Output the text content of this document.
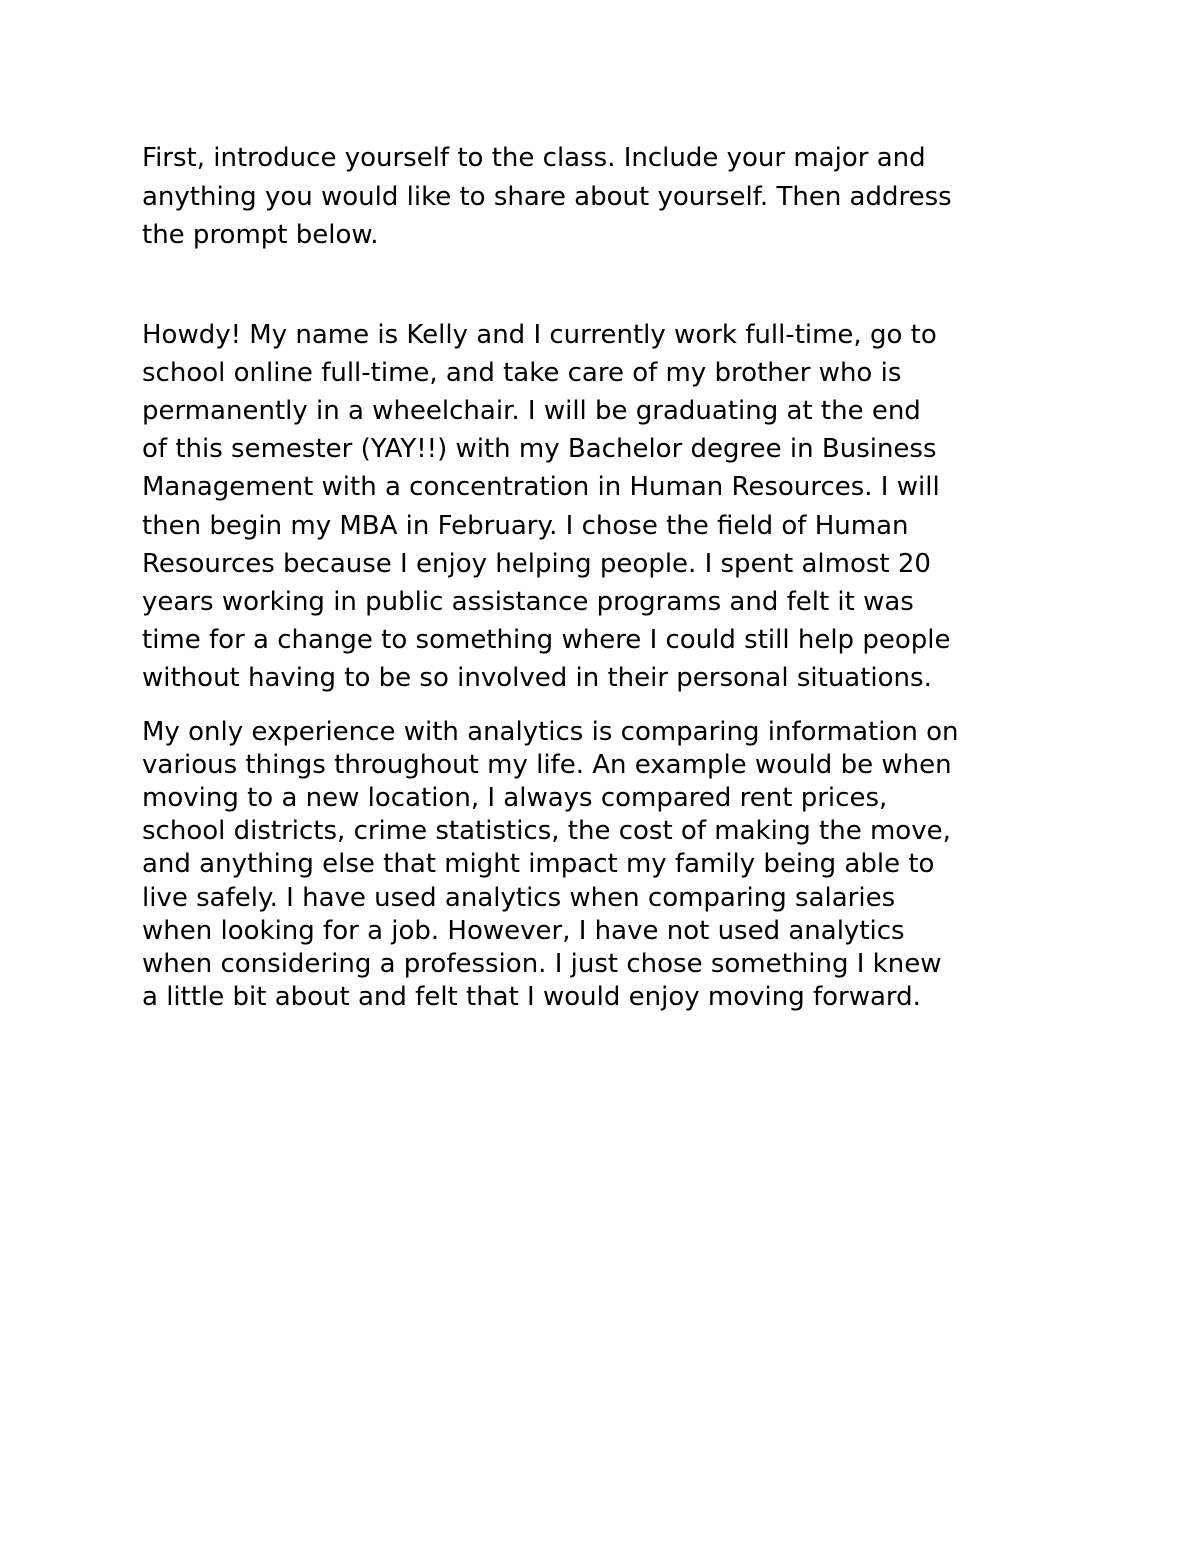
First, introduce yourself to the class. Include your major and
anything you would like to share about yourself. Then address
the prompt below.

Howdy! My name is Kelly and I currently work full-time, go to
school online full-time, and take care of my brother who is
permanently in a wheelchair. I will be graduating at the end
of this semester (YAY!!) with my Bachelor degree in Business
Management with a concentration in Human Resources. I will
then begin my MBA in February. I chose the field of Human
Resources because I enjoy helping people. I spent almost 20
years working in public assistance programs and felt it was
time for a change to something where I could still help people
without having to be so involved in their personal situations.

My only experience with analytics is comparing information on
various things throughout my life. An example would be when
moving to a new location, I always compared rent prices,
school districts, crime statistics, the cost of making the move,
and anything else that might impact my family being able to
live safely. I have used analytics when comparing salaries
when looking for a job. However, I have not used analytics
when considering a profession. I just chose something I knew
a little bit about and felt that I would enjoy moving forward.
